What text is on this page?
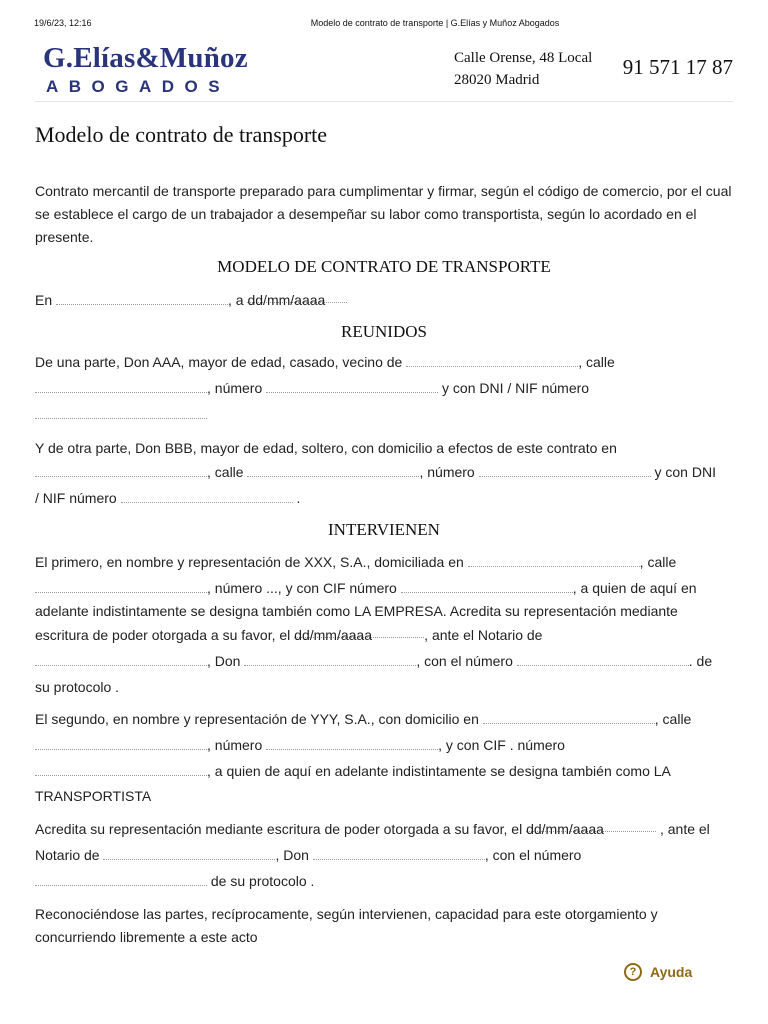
19/6/23, 12:16	Modelo de contrato de transporte | G.Elías y Muñoz Abogados
G.Elías&Muñoz
ABOGADOS
Calle Orense, 48 Local
28020 Madrid
91 571 17 87
Modelo de contrato de transporte
Contrato mercantil de transporte preparado para cumplimentar y firmar, según el código de comercio, por el cual se establece el cargo de un trabajador a desempeñar su labor como transportista, según lo acordado en el presente.
MODELO DE CONTRATO DE TRANSPORTE
En	, a dd/mm/aaaa
REUNIDOS
De una parte, Don AAA, mayor de edad, casado, vecino de	, calle
, número	y con DNI / NIF número
Y de otra parte, Don BBB, mayor de edad, soltero, con domicilio a efectos de este contrato en
, calle	, número	y con DNI
/ NIF número	.
INTERVIENEN
El primero, en nombre y representación de XXX, S.A., domiciliada en	, calle
, número ..., y con CIF número	, a quien de aquí en
adelante indistintamente se designa también como LA EMPRESA. Acredita su representación mediante
escritura de poder otorgada a su favor, el dd/mm/aaaa	, ante el Notario de
, Don	, con el número	. de
su protocolo .
El segundo, en nombre y representación de YYY, S.A., con domicilio en	, calle
, número	, y con CIF . número
, a quien de aquí en adelante indistintamente se designa también como LA
TRANSPORTISTA
Acredita su representación mediante escritura de poder otorgada a su favor, el dd/mm/aaaa	, ante el
Notario de	, Don	, con el número
de su protocolo .
Reconociéndose las partes, recíprocamente, según intervienen, capacidad para este otorgamiento y concurriendo libremente a este acto
? Ayuda
